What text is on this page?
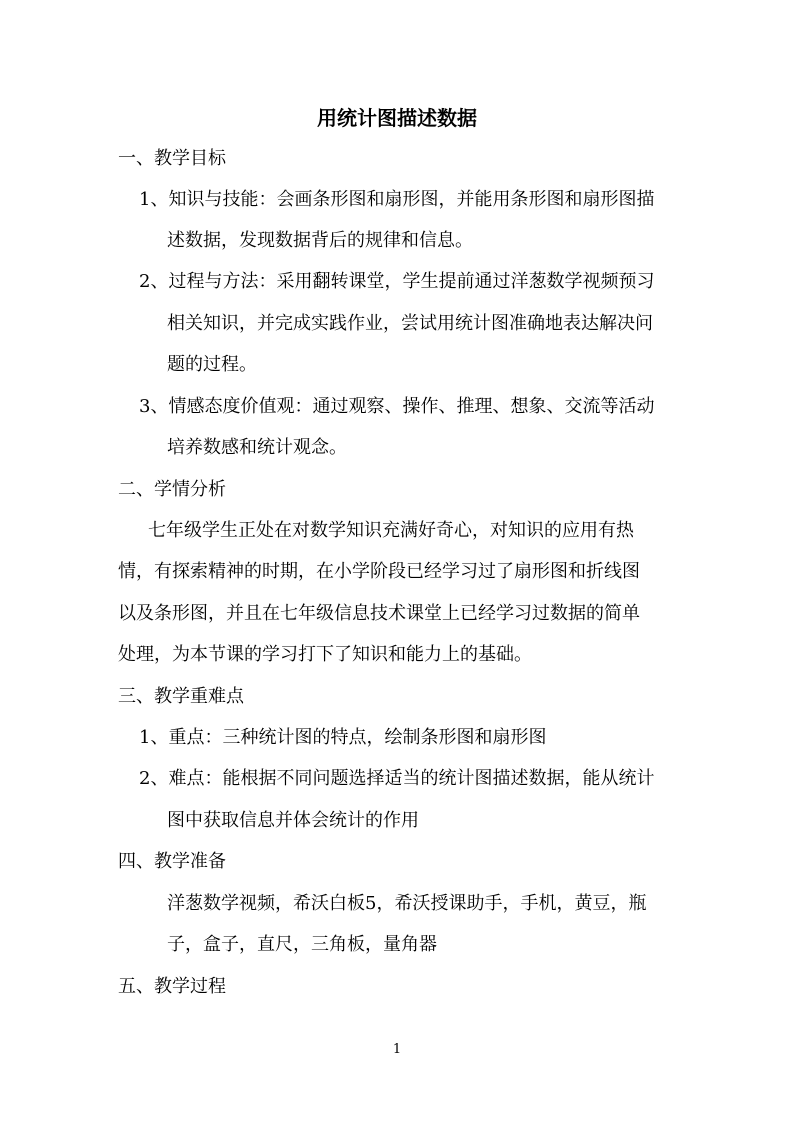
用统计图描述数据
一、教学目标
1、知识与技能：会画条形图和扇形图，并能用条形图和扇形图描
述数据，发现数据背后的规律和信息。
2、过程与方法：采用翻转课堂，学生提前通过洋葱数学视频预习
相关知识，并完成实践作业，尝试用统计图准确地表达解决问
题的过程。
3、情感态度价值观：通过观察、操作、推理、想象、交流等活动
培养数感和统计观念。
二、学情分析
七年级学生正处在对数学知识充满好奇心，对知识的应用有热
情，有探索精神的时期，在小学阶段已经学习过了扇形图和折线图
以及条形图，并且在七年级信息技术课堂上已经学习过数据的简单
处理，为本节课的学习打下了知识和能力上的基础。
三、教学重难点
1、重点：三种统计图的特点，绘制条形图和扇形图
2、难点：能根据不同问题选择适当的统计图描述数据，能从统计
图中获取信息并体会统计的作用
四、教学准备
洋葱数学视频，希沃白板5，希沃授课助手，手机，黄豆，瓶
子，盒子，直尺，三角板，量角器
五、教学过程
1
